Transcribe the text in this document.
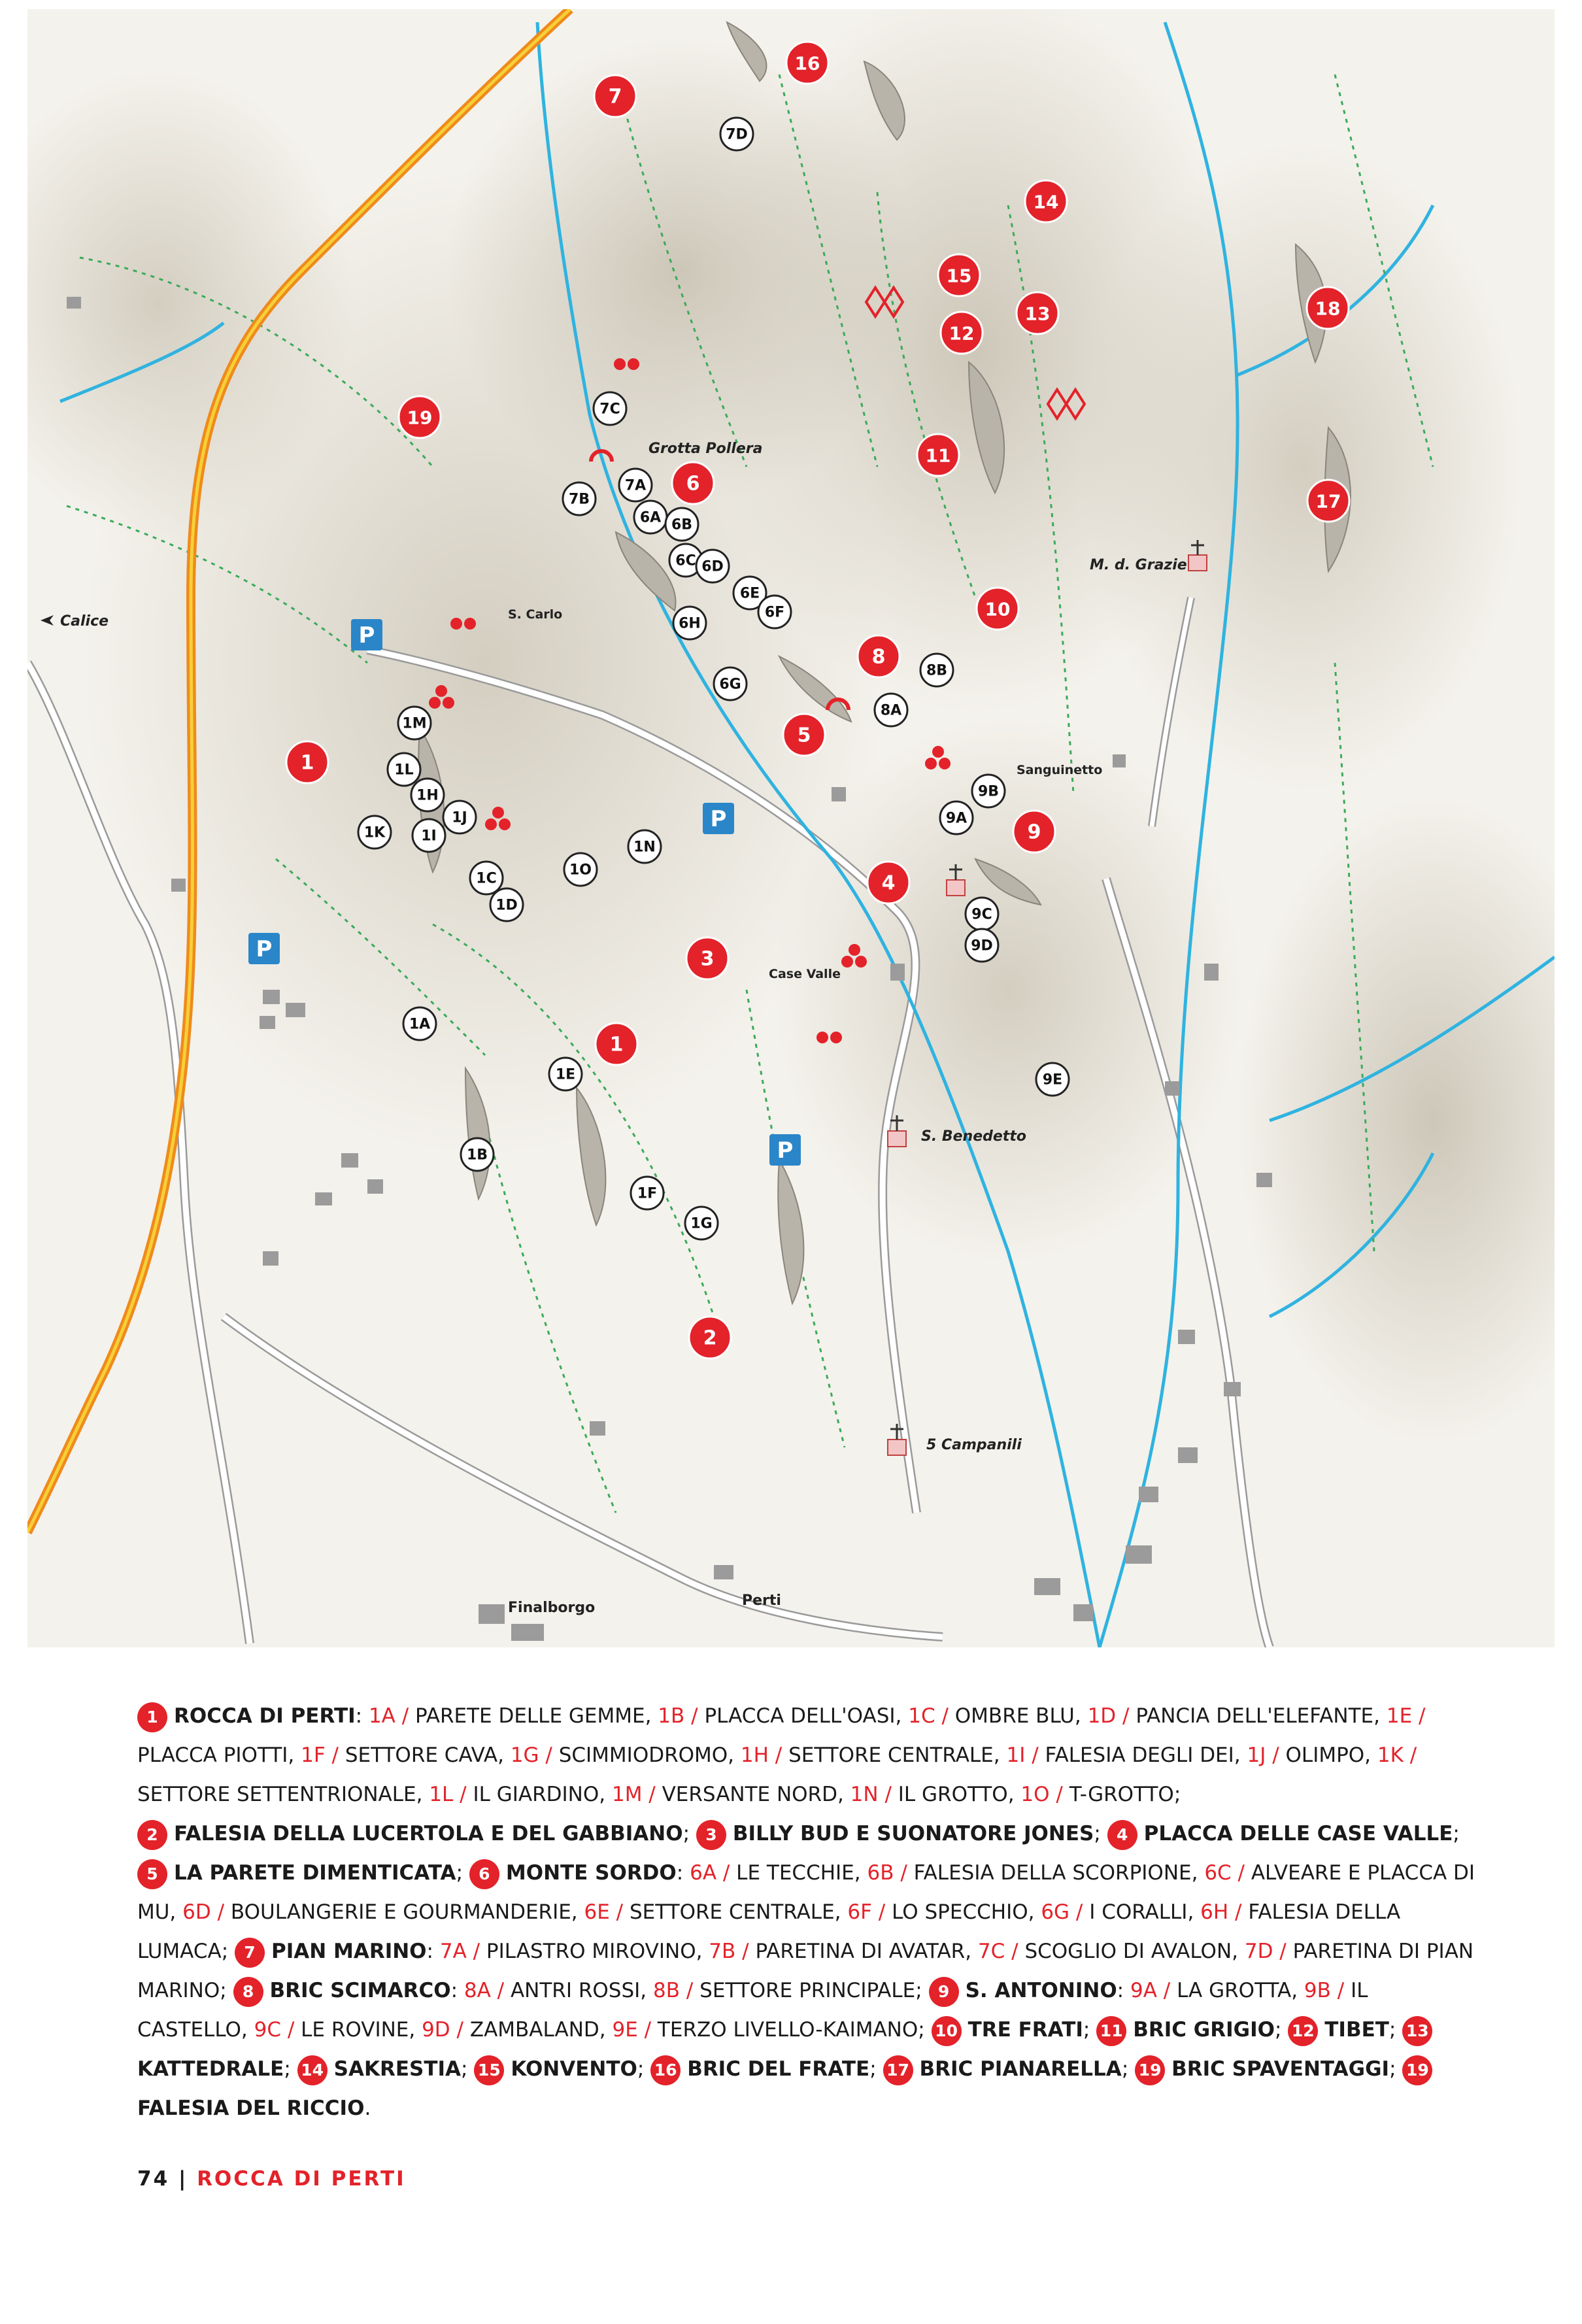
P
P
P
P
Calice	S. Carlo
Grotta Pollera
M. d. Grazie
Sanguinetto
Case Valle
S. Benedetto
5 Campanili
Finalborgo	Perti
7
16
14
15
13
12
18
19
6
11
17
10
8
5
1
9
4
3
1
2
7D
7C
7B
7A
6A 6B
6C 6D
6E
6F
6H
6G
8B
8A
1M
1L
1H
1J
1K	1I
1N
1O
1C
1D
9B
9A
9C
9D
1A
1E	9E
1B
1F
1G
1 ROCCA DI PERTI: 1A / PARETE DELLE GEMME, 1B / PLACCA DELL'OASI, 1C / OMBRE BLU, 1D / PANCIA DELL'ELEFANTE, 1E / PLACCA PIOTTI, 1F / SETTORE CAVA, 1G / SCIMMIODROMO, 1H / SETTORE CENTRALE, 1I / FALESIA DEGLI DEI, 1J / OLIMPO, 1K / SETTORE SETTENTRIONALE, 1L / IL GIARDINO, 1M / VERSANTE NORD, 1N / IL GROTTO, 1O / T-GROTTO;
2 FALESIA DELLA LUCERTOLA E DEL GABBIANO; 3 BILLY BUD E SUONATORE JONES; 4 PLACCA DELLE CASE VALLE;
5 LA PARETE DIMENTICATA; 6 MONTE SORDO: 6A / LE TECCHIE, 6B / FALESIA DELLA SCORPIONE, 6C / ALVEARE E PLACCA DI MU, 6D / BOULANGERIE E GOURMANDERIE, 6E / SETTORE CENTRALE, 6F / LO SPECCHIO, 6G / I CORALLI, 6H / FALESIA DELLA LUMACA; 7 PIAN MARINO: 7A / PILASTRO MIROVINO, 7B / PARETINA DI AVATAR, 7C / SCOGLIO DI AVALON, 7D / PARETINA DI PIAN MARINO; 8 BRIC SCIMARCO: 8A / ANTRI ROSSI, 8B / SETTORE PRINCIPALE; 9 S. ANTONINO: 9A / LA GROTTA, 9B / IL CASTELLO, 9C / LE ROVINE, 9D / ZAMBALAND, 9E / TERZO LIVELLO-KAIMANO; 10 TRE FRATI; 11 BRIC GRIGIO; 12 TIBET; 13KATTEDRALE; 14 SAKRESTIA; 15 KONVENTO; 16 BRIC DEL FRATE; 17 BRIC PIANARELLA; 19 BRIC SPAVENTAGGI; 19FALESIA DEL RICCIO.
74 | ROCCA DI PERTI
